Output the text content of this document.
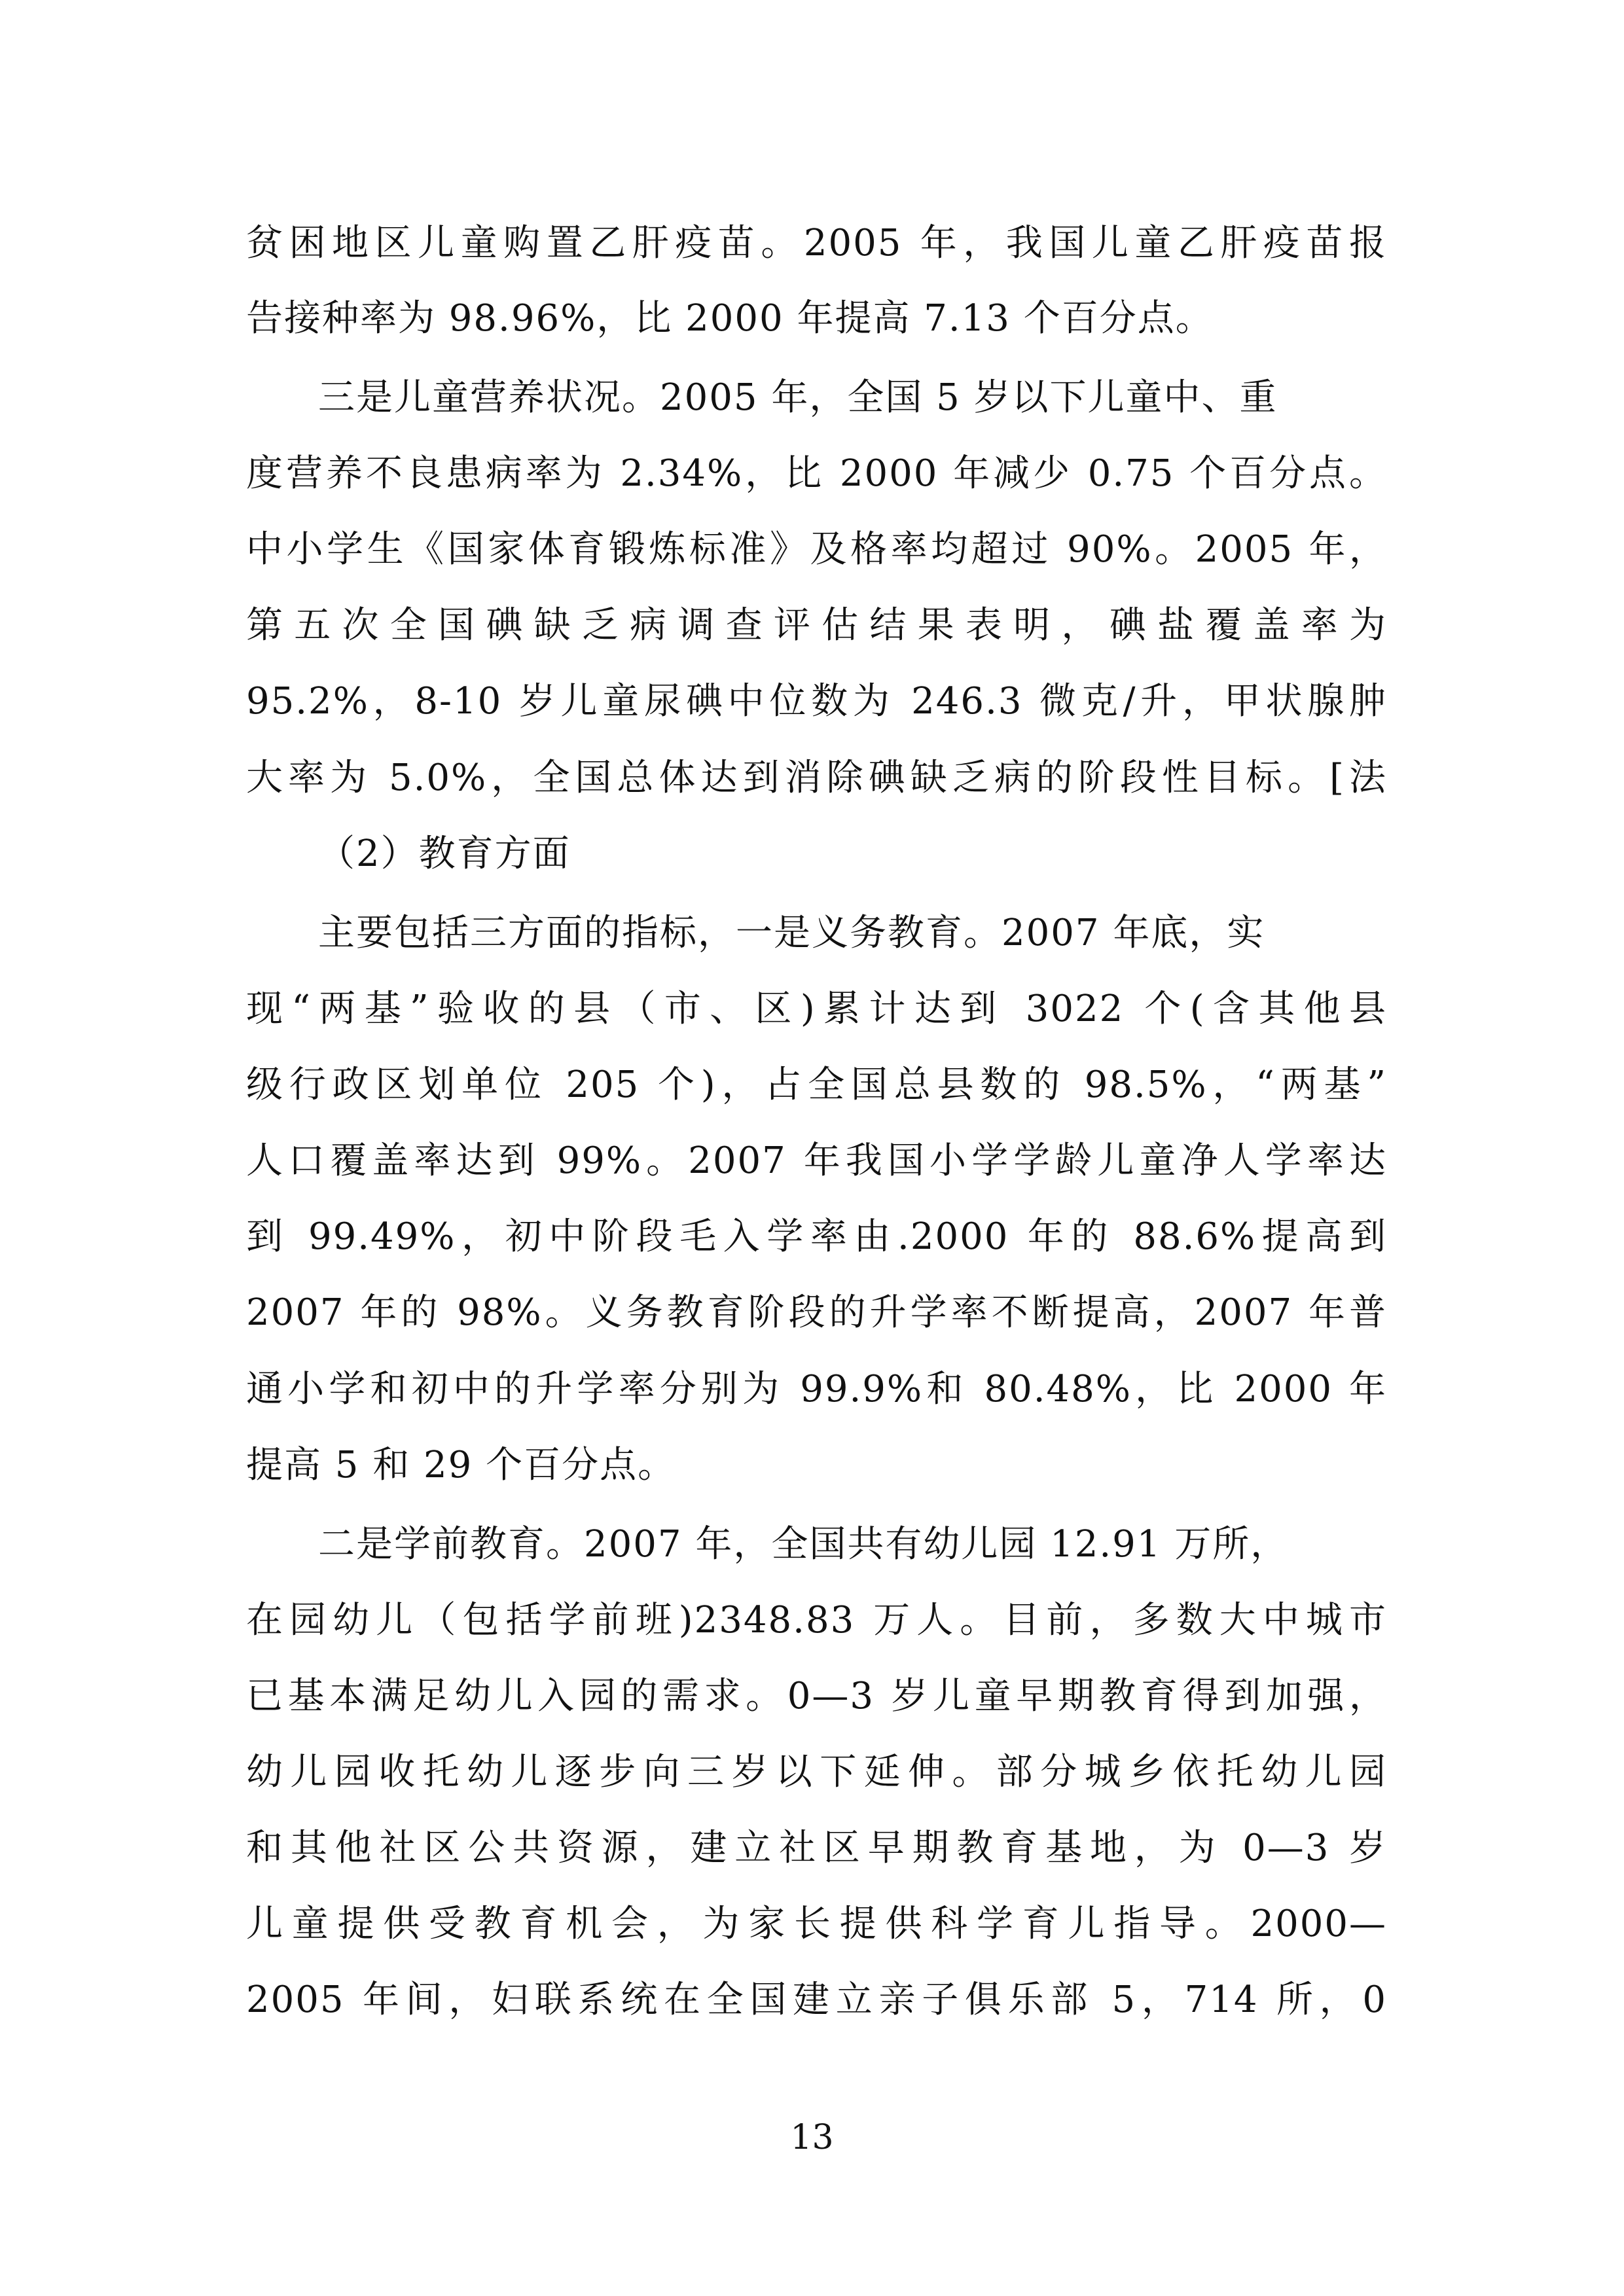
贫困地区儿童购置乙肝疫苗。2005 年，我国儿童乙肝疫苗报
告接种率为 98.96%，比 2000 年提高 7.13 个百分点。
三是儿童营养状况。2005 年，全国 5 岁以下儿童中、重
度营养不良患病率为 2.34%，比 2000 年减少 0.75 个百分点。
中小学生《国家体育锻炼标准》及格率均超过 90%。2005 年，
第五次全国碘缺乏病调查评估结果表明，碘盐覆盖率为
95.2%，8-10 岁儿童尿碘中位数为 246.3 微克/升，甲状腺肿
大率为 5.0%，全国总体达到消除碘缺乏病的阶段性目标。[法
（2）教育方面
主要包括三方面的指标，一是义务教育。2007 年底，实
现“两基”验收的县（市、区)累计达到 3022 个(含其他县
级行政区划单位 205 个)，占全国总县数的 98.5%，“两基”
人口覆盖率达到 99%。2007 年我国小学学龄儿童净人学率达
到 99.49%，初中阶段毛入学率由.2000 年的 88.6%提高到
2007 年的 98%。义务教育阶段的升学率不断提高，2007 年普
通小学和初中的升学率分别为 99.9%和 80.48%，比 2000 年
提高 5 和 29 个百分点。
二是学前教育。2007 年，全国共有幼儿园 12.91 万所，
在园幼儿（包括学前班)2348.83 万人。目前，多数大中城市
已基本满足幼儿入园的需求。0—3 岁儿童早期教育得到加强，
幼儿园收托幼儿逐步向三岁以下延伸。部分城乡依托幼儿园
和其他社区公共资源，建立社区早期教育基地，为 0—3 岁
儿童提供受教育机会，为家长提供科学育儿指导。2000—
2005 年间，妇联系统在全国建立亲子俱乐部 5，714 所，0
13
